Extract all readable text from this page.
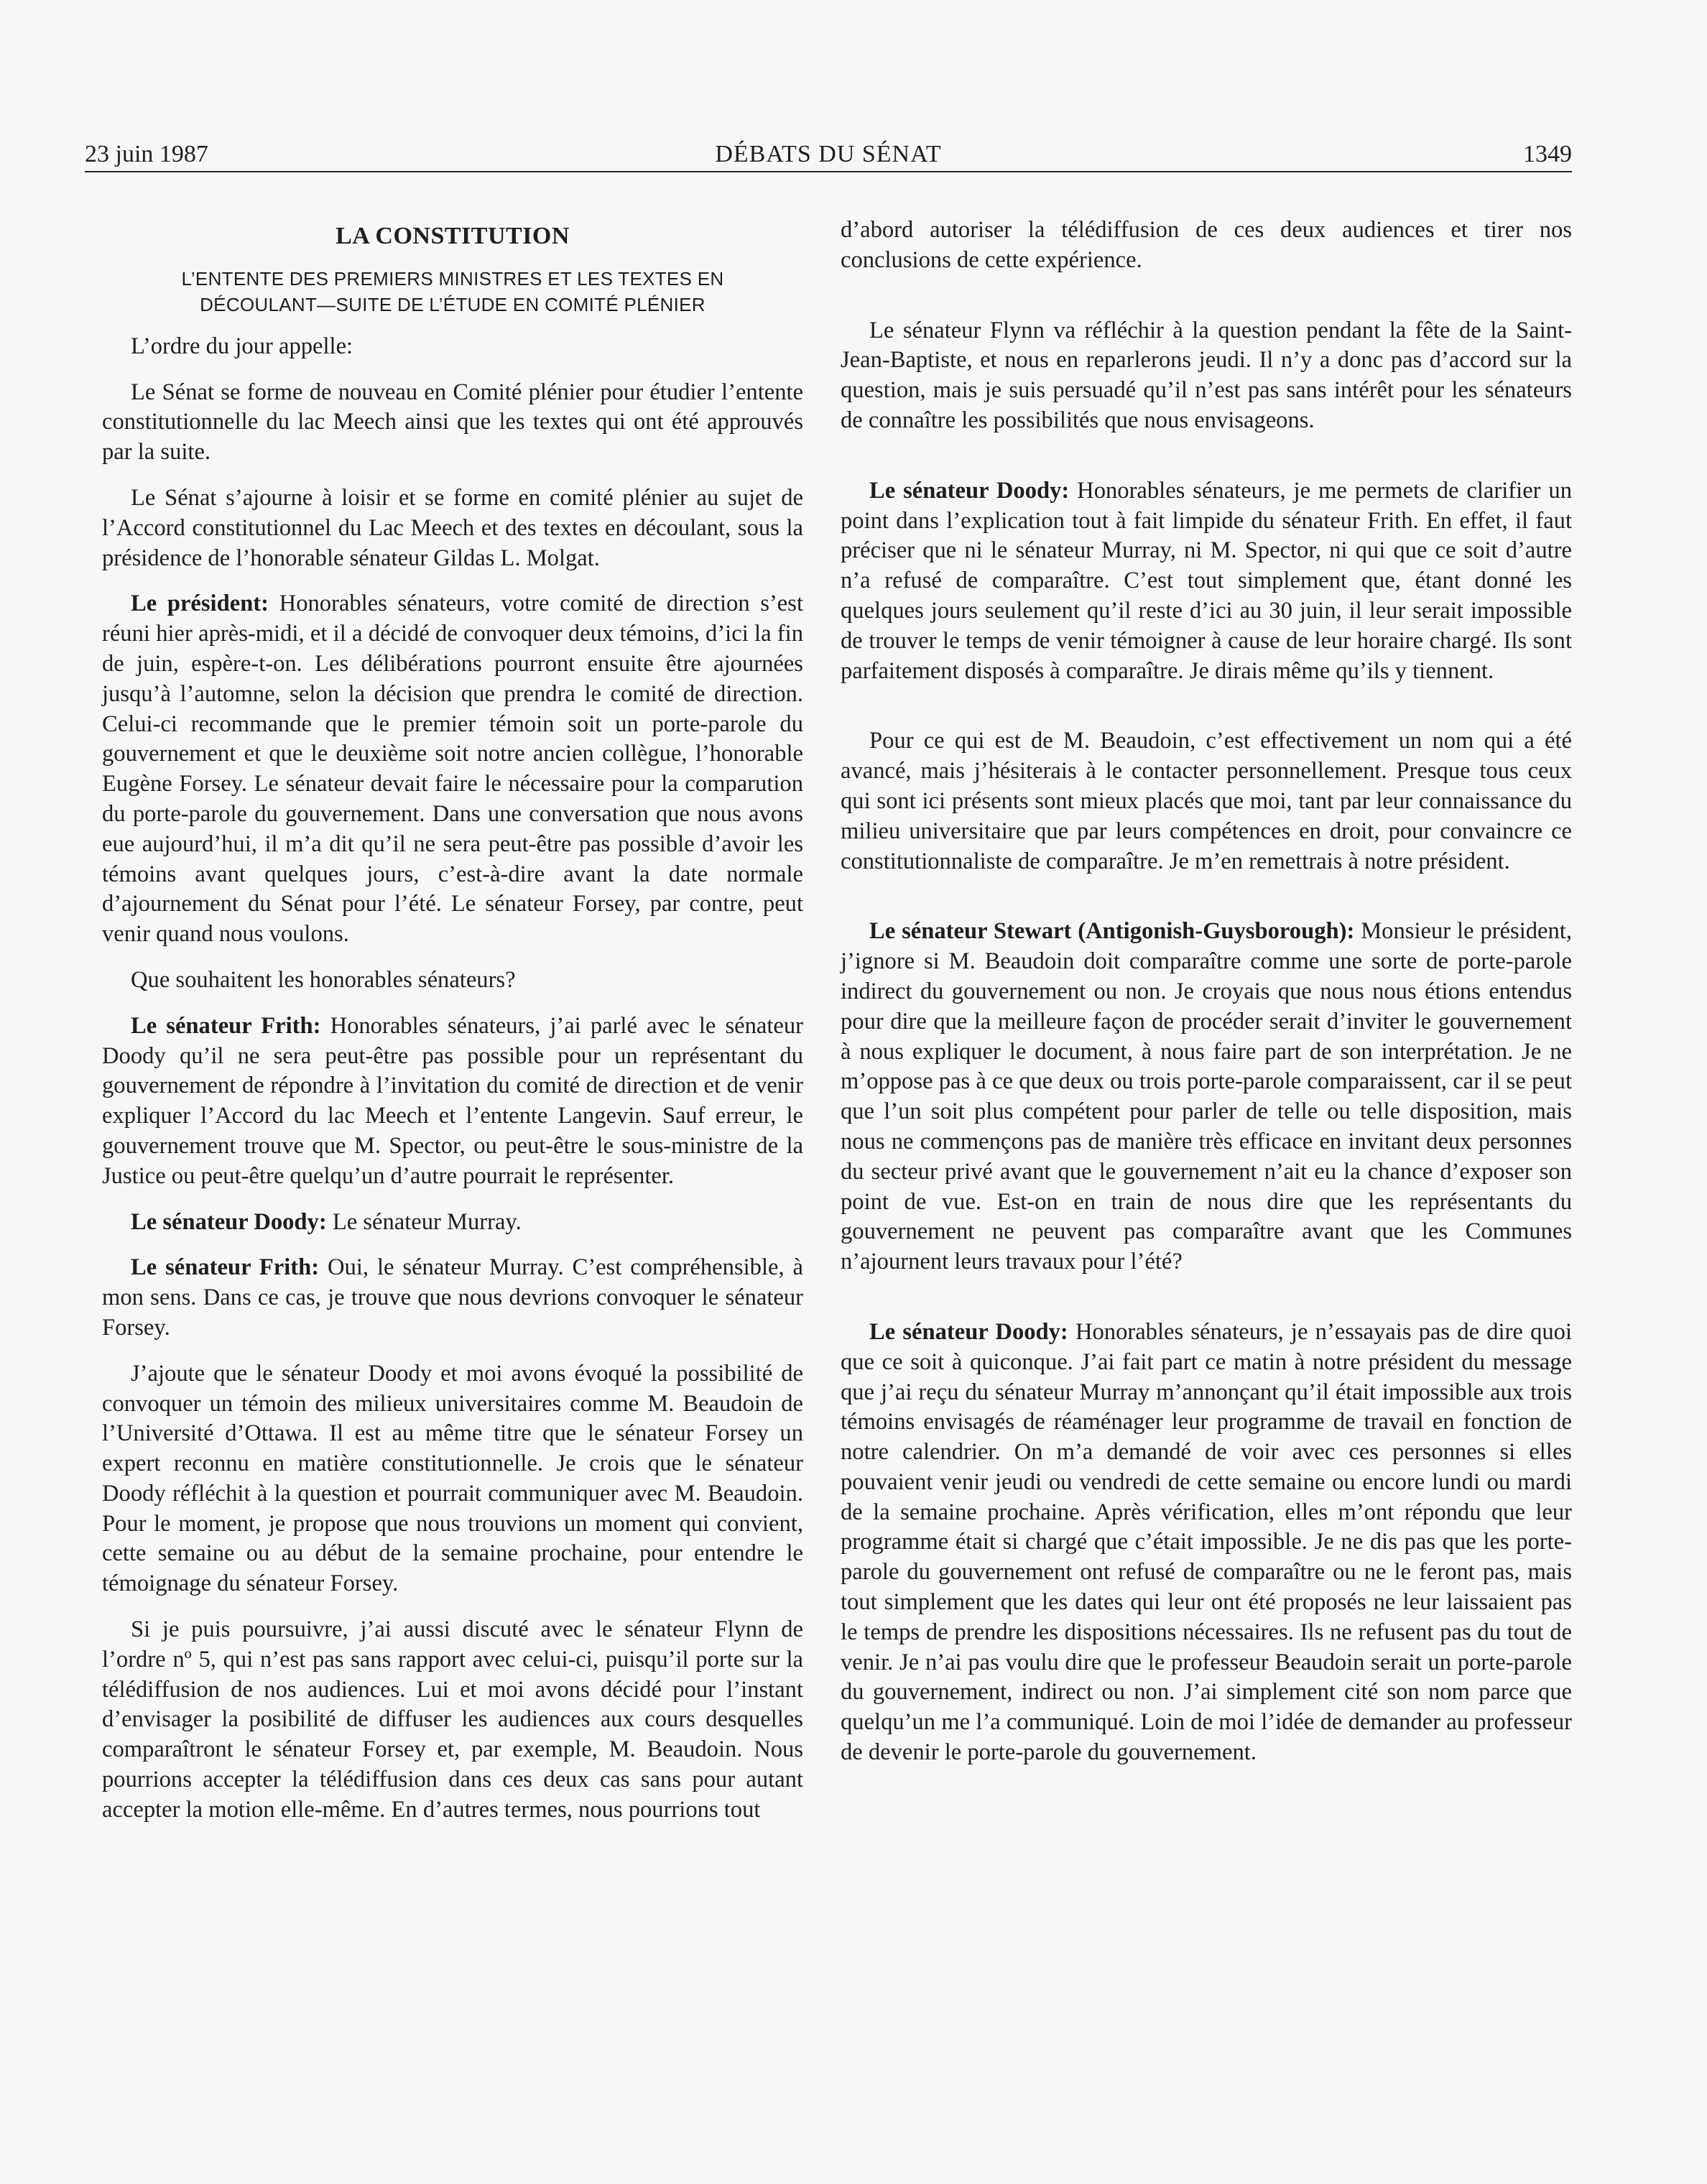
23 juin 1987	DÉBATS DU SÉNAT	1349
LA CONSTITUTION
L’ENTENTE DES PREMIERS MINISTRES ET LES TEXTES EN
DÉCOULANT—SUITE DE L’ÉTUDE EN COMITÉ PLÉNIER

L’ordre du jour appelle:

Le Sénat se forme de nouveau en Comité plénier pour étudier l’entente constitutionnelle du lac Meech ainsi que les textes qui ont été approuvés par la suite.

Le Sénat s’ajourne à loisir et se forme en comité plénier au sujet de l’Accord constitutionnel du Lac Meech et des textes en découlant, sous la présidence de l’honorable sénateur Gildas L. Molgat.

Le président: Honorables sénateurs, votre comité de direction s’est réuni hier après-midi, et il a décidé de convoquer deux témoins, d’ici la fin de juin, espère-t-on. Les délibérations pourront ensuite être ajournées jusqu’à l’automne, selon la décision que prendra le comité de direction. Celui-ci recommande que le premier témoin soit un porte-parole du gouvernement et que le deuxième soit notre ancien collègue, l’honorable Eugène Forsey. Le sénateur devait faire le nécessaire pour la comparution du porte-parole du gouvernement. Dans une conversation que nous avons eue aujourd’hui, il m’a dit qu’il ne sera peut-être pas possible d’avoir les témoins avant quelques jours, c’est-à-dire avant la date normale d’ajournement du Sénat pour l’été. Le sénateur Forsey, par contre, peut venir quand nous voulons.

Que souhaitent les honorables sénateurs?

Le sénateur Frith: Honorables sénateurs, j’ai parlé avec le sénateur Doody qu’il ne sera peut-être pas possible pour un représentant du gouvernement de répondre à l’invitation du comité de direction et de venir expliquer l’Accord du lac Meech et l’entente Langevin. Sauf erreur, le gouvernement trouve que M. Spector, ou peut-être le sous-ministre de la Justice ou peut-être quelqu’un d’autre pourrait le représenter.

Le sénateur Doody: Le sénateur Murray.

Le sénateur Frith: Oui, le sénateur Murray. C’est compréhensible, à mon sens. Dans ce cas, je trouve que nous devrions convoquer le sénateur Forsey.

J’ajoute que le sénateur Doody et moi avons évoqué la possibilité de convoquer un témoin des milieux universitaires comme M. Beaudoin de l’Université d’Ottawa. Il est au même titre que le sénateur Forsey un expert reconnu en matière constitutionnelle. Je crois que le sénateur Doody réfléchit à la question et pourrait communiquer avec M. Beaudoin. Pour le moment, je propose que nous trouvions un moment qui convient, cette semaine ou au début de la semaine prochaine, pour entendre le témoignage du sénateur Forsey.

Si je puis poursuivre, j’ai aussi discuté avec le sénateur Flynn de l’ordre nº 5, qui n’est pas sans rapport avec celui-ci, puisqu’il porte sur la télédiffusion de nos audiences. Lui et moi avons décidé pour l’instant d’envisager la posibilité de diffuser les audiences aux cours desquelles comparaîtront le sénateur Forsey et, par exemple, M. Beaudoin. Nous pourrions accepter la télédiffusion dans ces deux cas sans pour autant accepter la motion elle-même. En d’autres termes, nous pourrions tout

d’abord autoriser la télédiffusion de ces deux audiences et tirer nos conclusions de cette expérience.

Le sénateur Flynn va réfléchir à la question pendant la fête de la Saint-Jean-Baptiste, et nous en reparlerons jeudi. Il n’y a donc pas d’accord sur la question, mais je suis persuadé qu’il n’est pas sans intérêt pour les sénateurs de connaître les possibilités que nous envisageons.

Le sénateur Doody: Honorables sénateurs, je me permets de clarifier un point dans l’explication tout à fait limpide du sénateur Frith. En effet, il faut préciser que ni le sénateur Murray, ni M. Spector, ni qui que ce soit d’autre n’a refusé de comparaître. C’est tout simplement que, étant donné les quelques jours seulement qu’il reste d’ici au 30 juin, il leur serait impossible de trouver le temps de venir témoigner à cause de leur horaire chargé. Ils sont parfaitement disposés à comparaître. Je dirais même qu’ils y tiennent.

Pour ce qui est de M. Beaudoin, c’est effectivement un nom qui a été avancé, mais j’hésiterais à le contacter personnellement. Presque tous ceux qui sont ici présents sont mieux placés que moi, tant par leur connaissance du milieu universitaire que par leurs compétences en droit, pour convaincre ce constitutionnaliste de comparaître. Je m’en remettrais à notre président.

Le sénateur Stewart (Antigonish-Guysborough): Monsieur le président, j’ignore si M. Beaudoin doit comparaître comme une sorte de porte-parole indirect du gouvernement ou non. Je croyais que nous nous étions entendus pour dire que la meilleure façon de procéder serait d’inviter le gouvernement à nous expliquer le document, à nous faire part de son interprétation. Je ne m’oppose pas à ce que deux ou trois porte-parole comparaissent, car il se peut que l’un soit plus compétent pour parler de telle ou telle disposition, mais nous ne commençons pas de manière très efficace en invitant deux personnes du secteur privé avant que le gouvernement n’ait eu la chance d’exposer son point de vue. Est-on en train de nous dire que les représentants du gouvernement ne peuvent pas comparaître avant que les Communes n’ajournent leurs travaux pour l’été?

Le sénateur Doody: Honorables sénateurs, je n’essayais pas de dire quoi que ce soit à quiconque. J’ai fait part ce matin à notre président du message que j’ai reçu du sénateur Murray m’annonçant qu’il était impossible aux trois témoins envisagés de réaménager leur programme de travail en fonction de notre calendrier. On m’a demandé de voir avec ces personnes si elles pouvaient venir jeudi ou vendredi de cette semaine ou encore lundi ou mardi de la semaine prochaine. Après vérification, elles m’ont répondu que leur programme était si chargé que c’était impossible. Je ne dis pas que les porte-parole du gouvernement ont refusé de comparaître ou ne le feront pas, mais tout simplement que les dates qui leur ont été proposés ne leur laissaient pas le temps de prendre les dispositions nécessaires. Ils ne refusent pas du tout de venir. Je n’ai pas voulu dire que le professeur Beaudoin serait un porte-parole du gouvernement, indirect ou non. J’ai simplement cité son nom parce que quelqu’un me l’a communiqué. Loin de moi l’idée de demander au professeur de devenir le porte-parole du gouvernement.
